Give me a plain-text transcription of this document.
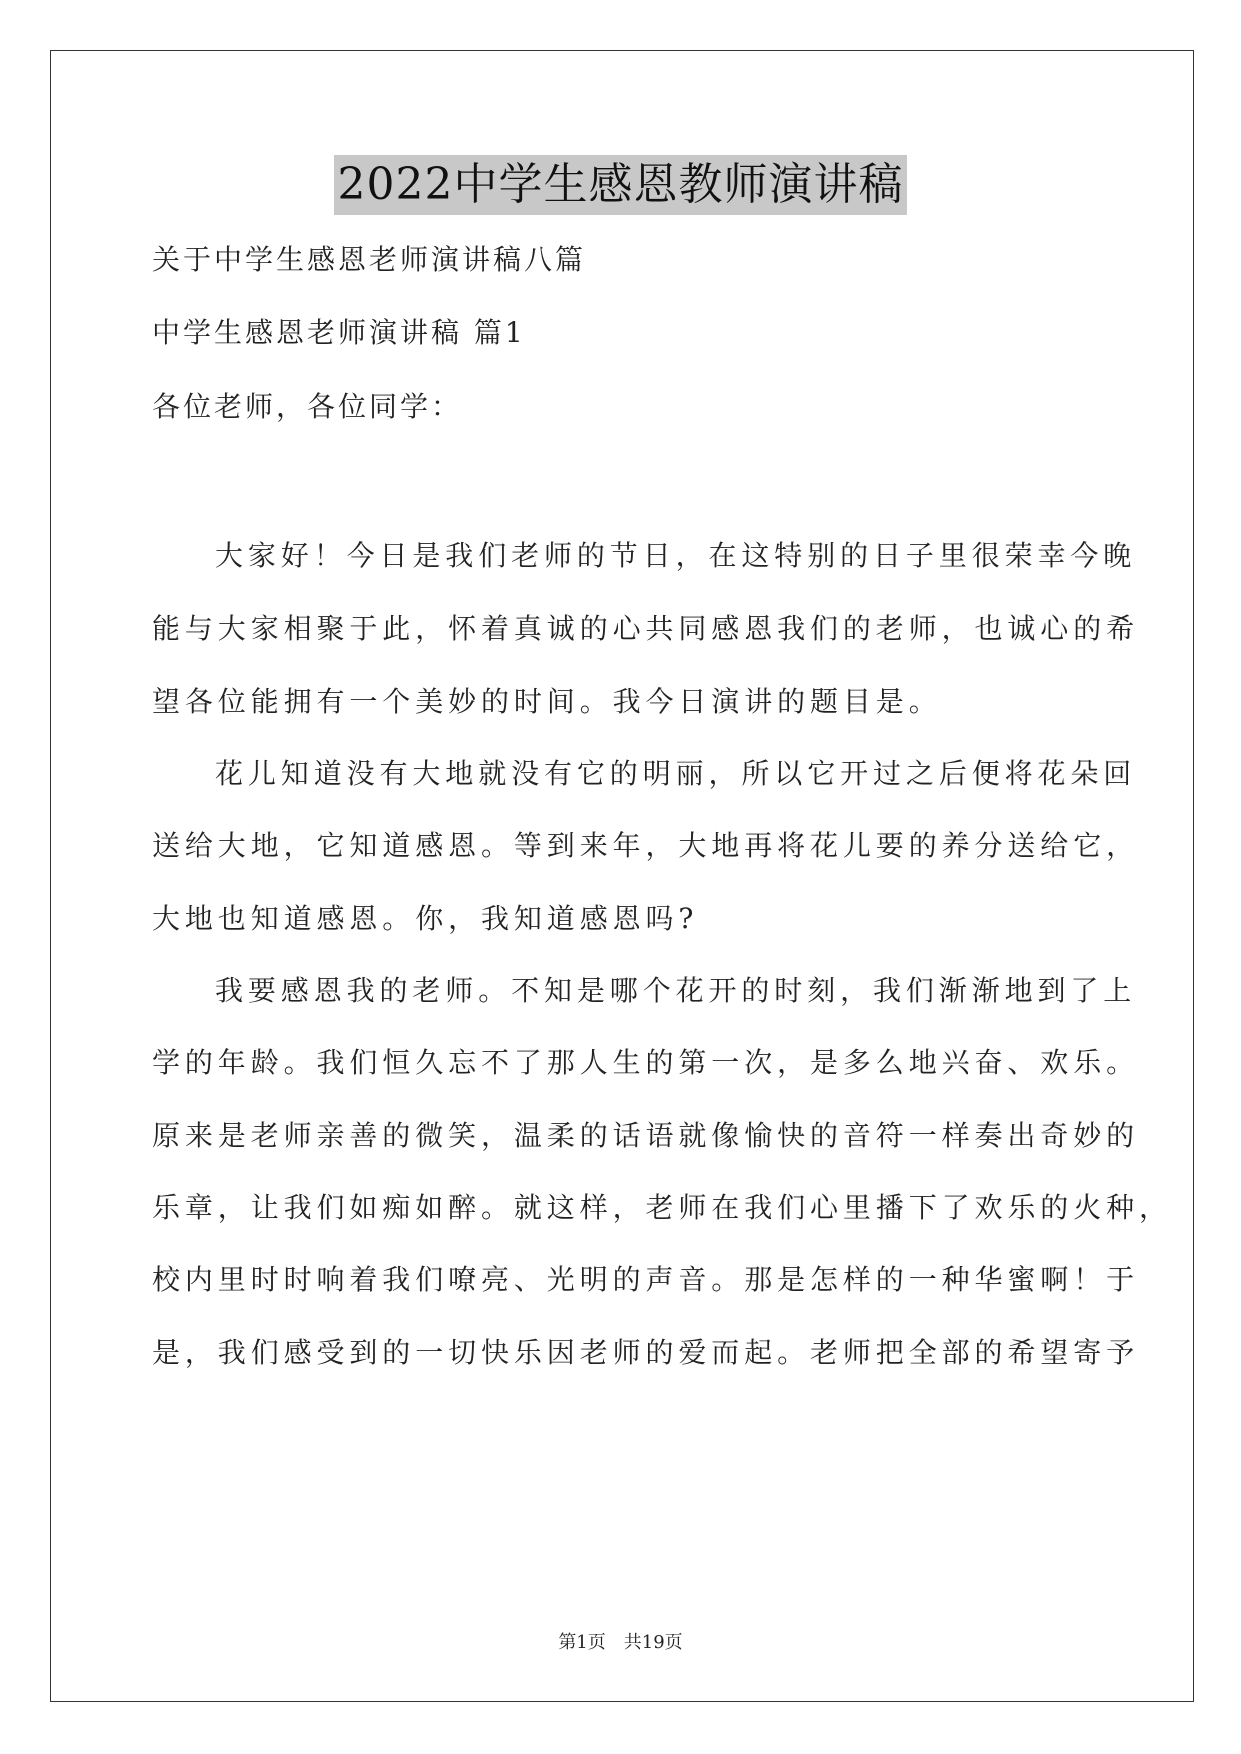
2022中学生感恩教师演讲稿
关于中学生感恩老师演讲稿八篇
中学生感恩老师演讲稿 篇1
各位老师，各位同学：
大家好！今日是我们老师的节日，在这特别的日子里很荣幸今晚
能与大家相聚于此，怀着真诚的心共同感恩我们的老师，也诚心的希
望各位能拥有一个美妙的时间。我今日演讲的题目是。
花儿知道没有大地就没有它的明丽，所以它开过之后便将花朵回
送给大地，它知道感恩。等到来年，大地再将花儿要的养分送给它，
大地也知道感恩。你，我知道感恩吗?
我要感恩我的老师。不知是哪个花开的时刻，我们渐渐地到了上
学的年龄。我们恒久忘不了那人生的第一次，是多么地兴奋、欢乐。
原来是老师亲善的微笑，温柔的话语就像愉快的音符一样奏出奇妙的
乐章，让我们如痴如醉。就这样，老师在我们心里播下了欢乐的火种，
校内里时时响着我们嘹亮、光明的声音。那是怎样的一种华蜜啊！于
是，我们感受到的一切快乐因老师的爱而起。老师把全部的希望寄予
第1页　共19页
